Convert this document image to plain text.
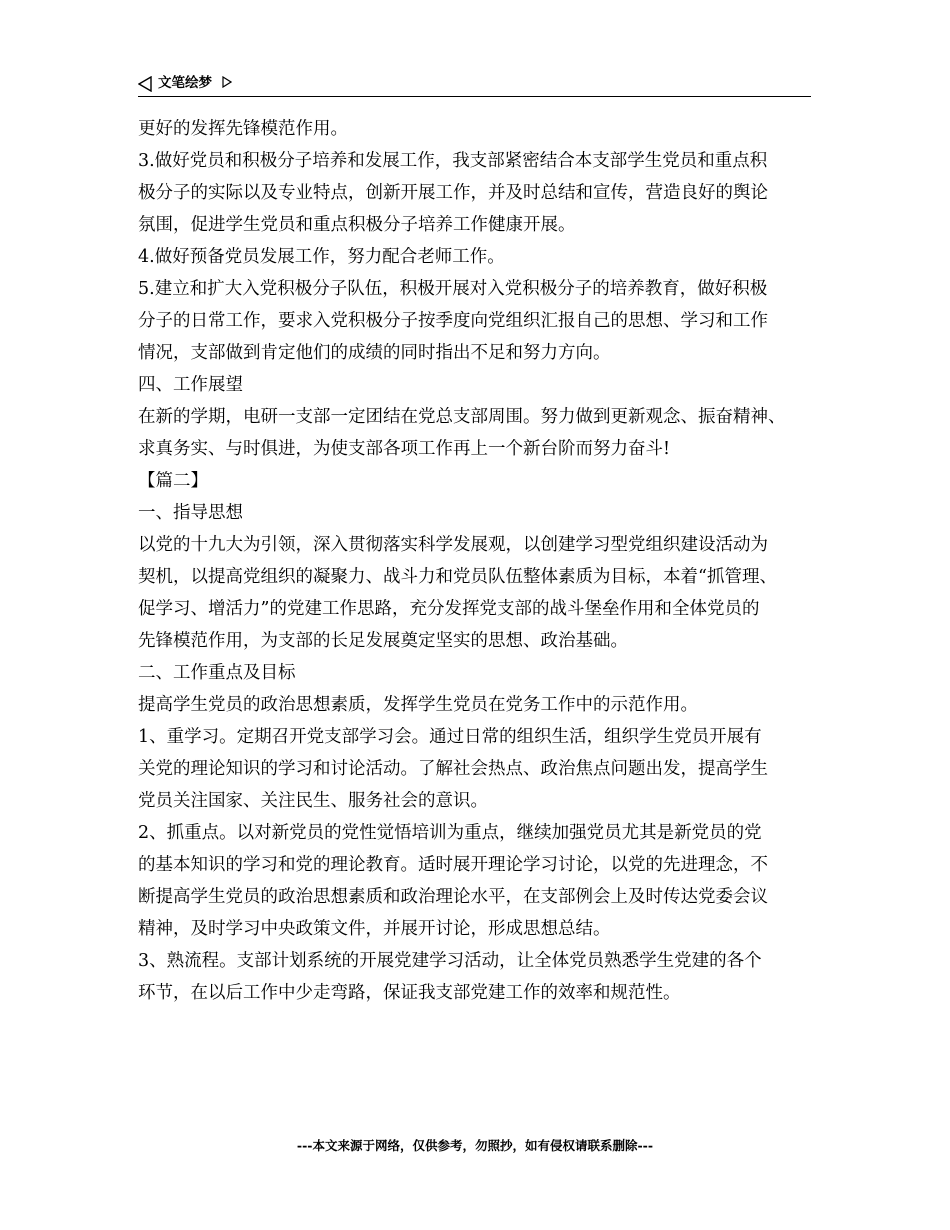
文笔绘梦
更好的发挥先锋模范作用。
3.做好党员和积极分子培养和发展工作，我支部紧密结合本支部学生党员和重点积
极分子的实际以及专业特点，创新开展工作，并及时总结和宣传，营造良好的舆论
氛围，促进学生党员和重点积极分子培养工作健康开展。
4.做好预备党员发展工作，努力配合老师工作。
5.建立和扩大入党积极分子队伍，积极开展对入党积极分子的培养教育，做好积极
分子的日常工作，要求入党积极分子按季度向党组织汇报自己的思想、学习和工作
情况，支部做到肯定他们的成绩的同时指出不足和努力方向。
四、工作展望
在新的学期，电研一支部一定团结在党总支部周围。努力做到更新观念、振奋精神、
求真务实、与时俱进，为使支部各项工作再上一个新台阶而努力奋斗!
【篇二】
一、指导思想
以党的十九大为引领，深入贯彻落实科学发展观，以创建学习型党组织建设活动为
契机，以提高党组织的凝聚力、战斗力和党员队伍整体素质为目标，本着“抓管理、
促学习、增活力”的党建工作思路，充分发挥党支部的战斗堡垒作用和全体党员的
先锋模范作用，为支部的长足发展奠定坚实的思想、政治基础。
二、工作重点及目标
提高学生党员的政治思想素质，发挥学生党员在党务工作中的示范作用。
1、重学习。定期召开党支部学习会。通过日常的组织生活，组织学生党员开展有
关党的理论知识的学习和讨论活动。了解社会热点、政治焦点问题出发，提高学生
党员关注国家、关注民生、服务社会的意识。
2、抓重点。以对新党员的党性觉悟培训为重点，继续加强党员尤其是新党员的党
的基本知识的学习和党的理论教育。适时展开理论学习讨论，以党的先进理念，不
断提高学生党员的政治思想素质和政治理论水平，在支部例会上及时传达党委会议
精神，及时学习中央政策文件，并展开讨论，形成思想总结。
3、熟流程。支部计划系统的开展党建学习活动，让全体党员熟悉学生党建的各个
环节，在以后工作中少走弯路，保证我支部党建工作的效率和规范性。
---本文来源于网络，仅供参考，勿照抄，如有侵权请联系删除---
